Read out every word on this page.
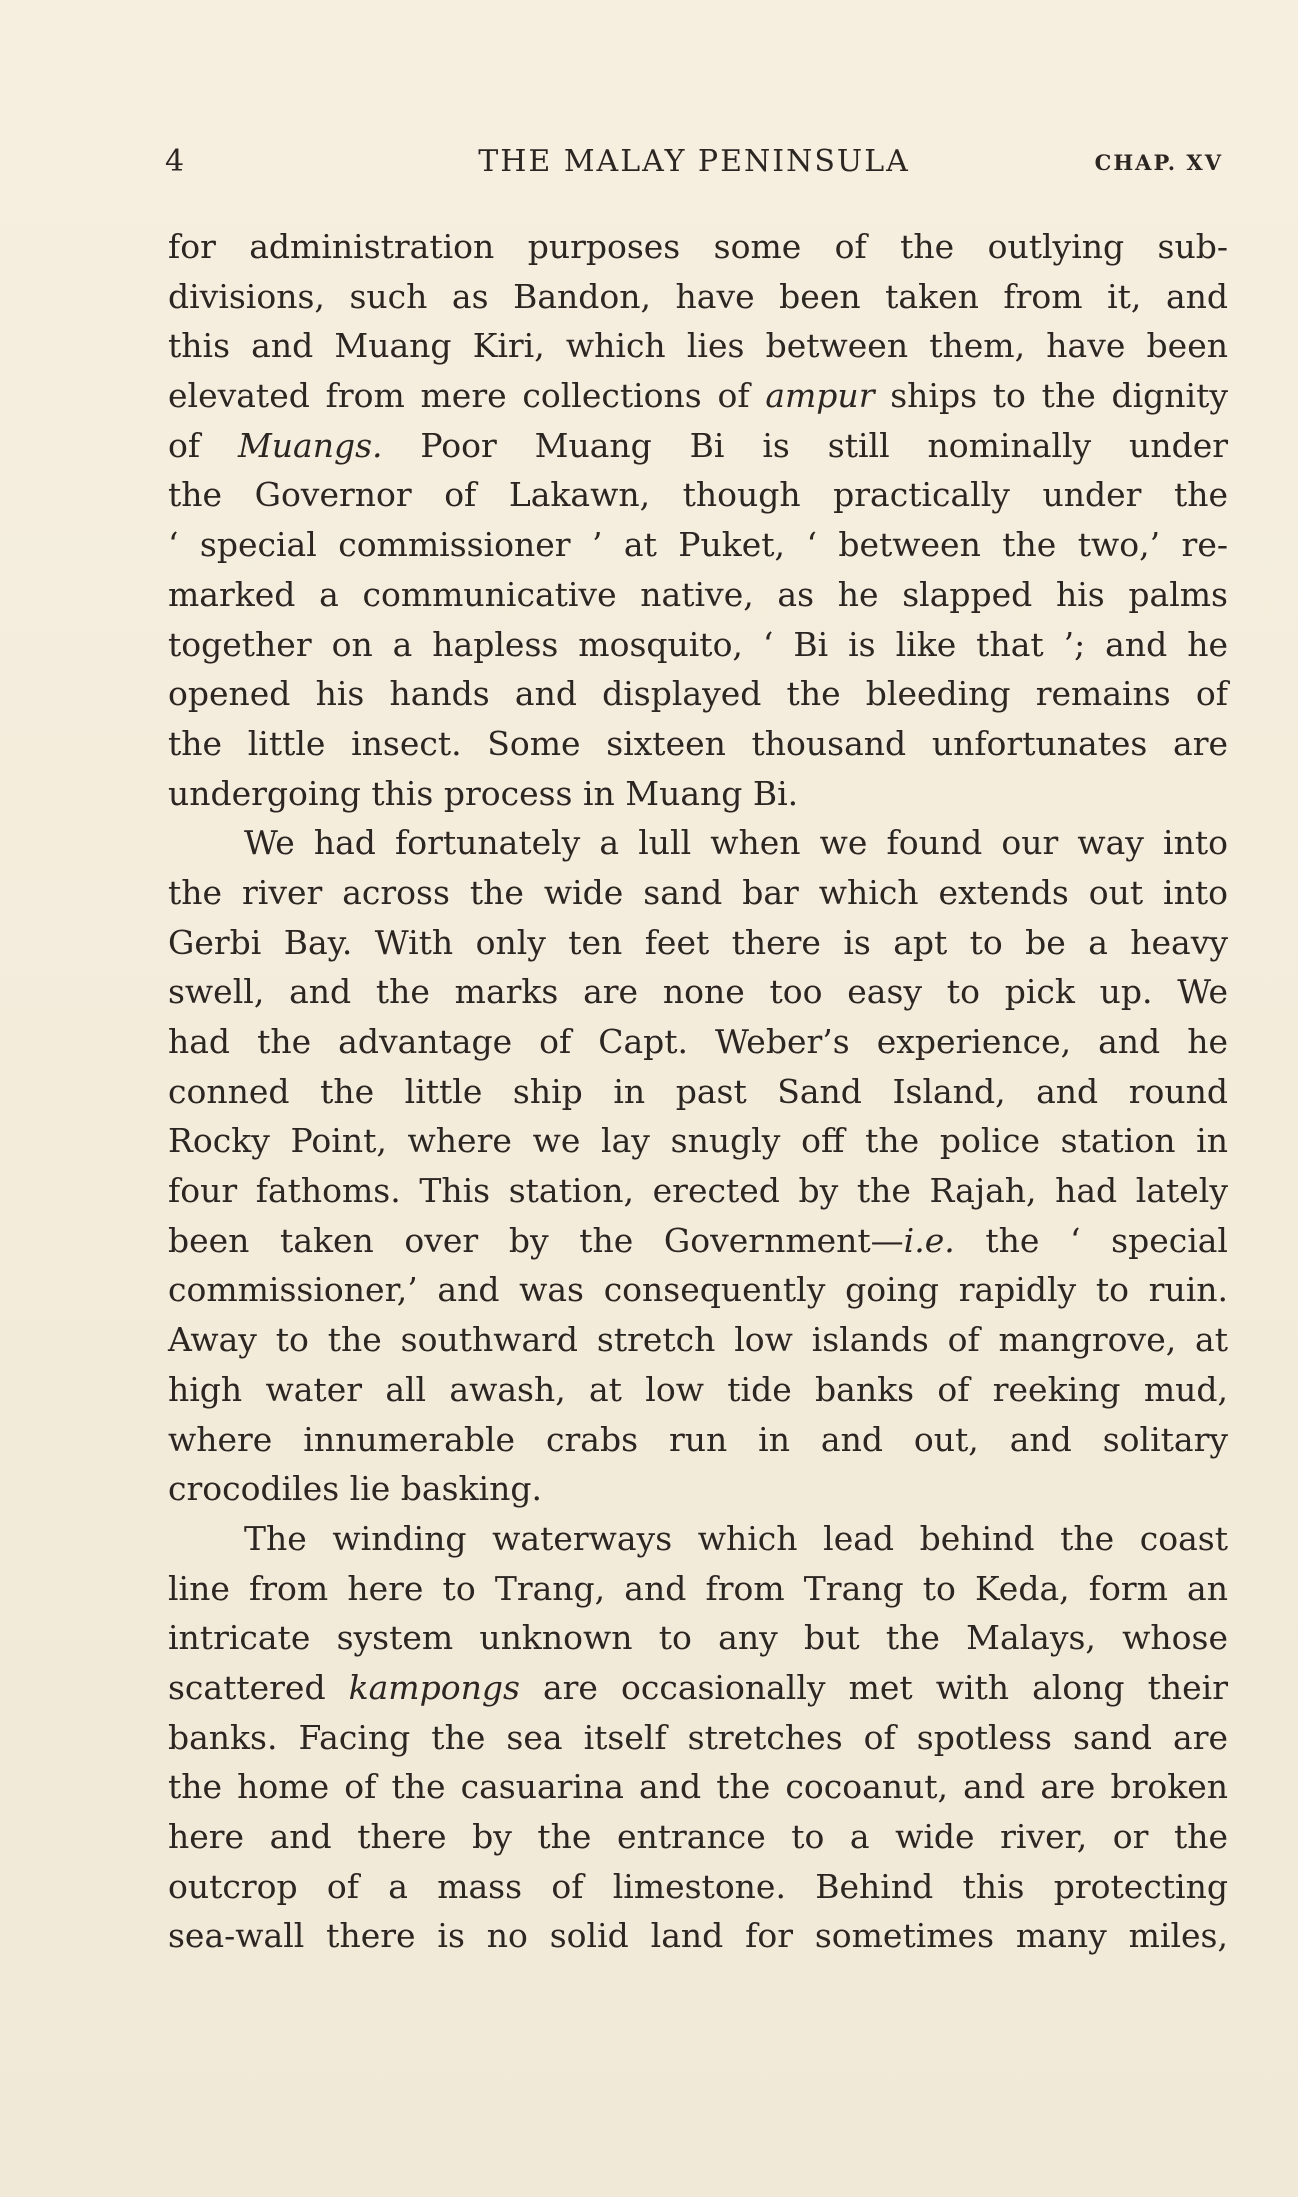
4	THE MALAY PENINSULA	CHAP. XV
for administration purposes some of the outlying sub-
divisions, such as Bandon, have been taken from it, and
this and Muang Kiri, which lies between them, have been
elevated from mere collections of ampur ships to the dignity
of Muangs. Poor Muang Bi is still nominally under
the Governor of Lakawn, though practically under the
‘ special commissioner ’ at Puket, ‘ between the two,’ re-
marked a communicative native, as he slapped his palms
together on a hapless mosquito, ‘ Bi is like that ’; and he
opened his hands and displayed the bleeding remains of
the little insect. Some sixteen thousand unfortunates are
undergoing this process in Muang Bi.
We had fortunately a lull when we found our way into
the river across the wide sand bar which extends out into
Gerbi Bay. With only ten feet there is apt to be a heavy
swell, and the marks are none too easy to pick up. We
had the advantage of Capt. Weber’s experience, and he
conned the little ship in past Sand Island, and round
Rocky Point, where we lay snugly off the police station in
four fathoms. This station, erected by the Rajah, had lately
been taken over by the Government—i.e. the ‘ special
commissioner,’ and was consequently going rapidly to ruin.
Away to the southward stretch low islands of mangrove, at
high water all awash, at low tide banks of reeking mud,
where innumerable crabs run in and out, and solitary
crocodiles lie basking.
The winding waterways which lead behind the coast
line from here to Trang, and from Trang to Keda, form an
intricate system unknown to any but the Malays, whose
scattered kampongs are occasionally met with along their
banks. Facing the sea itself stretches of spotless sand are
the home of the casuarina and the cocoanut, and are broken
here and there by the entrance to a wide river, or the
outcrop of a mass of limestone. Behind this protecting
sea-wall there is no solid land for sometimes many miles,
